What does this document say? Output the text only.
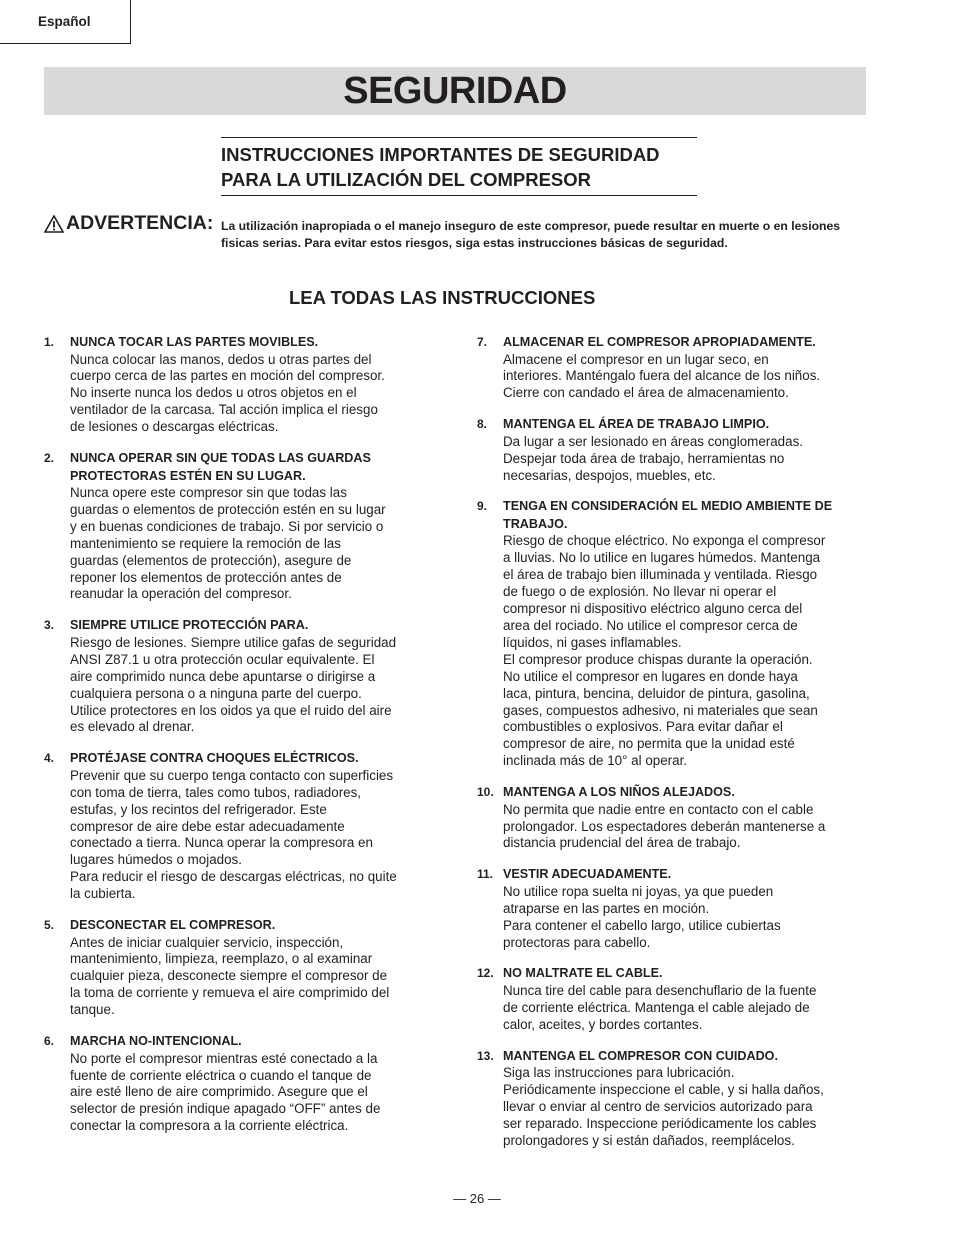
Español
SEGURIDAD
INSTRUCCIONES IMPORTANTES DE SEGURIDAD
PARA LA UTILIZACIÓN DEL COMPRESOR
ADVERTENCIA: La utilización inapropiada o el manejo inseguro de este compresor, puede resultar en muerte o en lesiones fisicas serias. Para evitar estos riesgos, siga estas instrucciones básicas de seguridad.
LEA TODAS LAS INSTRUCCIONES
1. NUNCA TOCAR LAS PARTES MOVIBLES.
Nunca colocar las manos, dedos u otras partes del
cuerpo cerca de las partes en moción del compresor.
No inserte nunca los dedos u otros objetos en el
ventilador de la carcasa. Tal acción implica el riesgo
de lesiones o descargas eléctricas.
2. NUNCA OPERAR SIN QUE TODAS LAS GUARDAS PROTECTORAS ESTÉN EN SU LUGAR.
Nunca opere este compresor sin que todas las
guardas o elementos de protección estén en su lugar
y en buenas condiciones de trabajo. Si por servicio o
mantenimiento se requiere la remoción de las
guardas (elementos de protección), asegure de
reponer los elementos de protección antes de
reanudar la operación del compresor.
3. SIEMPRE UTILICE PROTECCIÓN PARA.
Riesgo de lesiones. Siempre utilice gafas de seguridad
ANSI Z87.1 u otra protección ocular equivalente. El
aire comprimido nunca debe apuntarse o dirigirse a
cualquiera persona o a ninguna parte del cuerpo.
Utilice protectores en los oidos ya que el ruido del aire
es elevado al drenar.
4. PROTÉJASE CONTRA CHOQUES ELÉCTRICOS.
Prevenir que su cuerpo tenga contacto con superficies
con toma de tierra, tales como tubos, radiadores,
estufas, y los recintos del refrigerador. Este
compresor de aire debe estar adecuadamente
conectado a tierra. Nunca operar la compresora en
lugares húmedos o mojados.
Para reducir el riesgo de descargas eléctricas, no quite
la cubierta.
5. DESCONECTAR EL COMPRESOR.
Antes de iniciar cualquier servicio, inspección,
mantenimiento, limpieza, reemplazo, o al examinar
cualquier pieza, desconecte siempre el compresor de
la toma de corriente y remueva el aire comprimido del
tanque.
6. MARCHA NO-INTENCIONAL.
No porte el compresor mientras esté conectado a la
fuente de corriente eléctrica o cuando el tanque de
aire esté lleno de aire comprimido. Asegure que el
selector de presión indique apagado “OFF” antes de
conectar la compresora a la corriente eléctrica.
7. ALMACENAR EL COMPRESOR APROPIADAMENTE.
Almacene el compresor en un lugar seco, en
interiores. Manténgalo fuera del alcance de los niños.
Cierre con candado el área de almacenamiento.
8. MANTENGA EL ÁREA DE TRABAJO LIMPIO.
Da lugar a ser lesionado en áreas conglomeradas.
Despejar toda área de trabajo, herramientas no
necesarias, despojos, muebles, etc.
9. TENGA EN CONSIDERACIÓN EL MEDIO AMBIENTE DE TRABAJO.
Riesgo de choque eléctrico. No exponga el compresor
a lluvias. No lo utilice en lugares húmedos. Mantenga
el área de trabajo bien illuminada y ventilada. Riesgo
de fuego o de explosión. No llevar ni operar el
compresor ni dispositivo eléctrico alguno cerca del
area del rociado. No utilice el compresor cerca de
líquidos, ni gases inflamables.
El compresor produce chispas durante la operación.
No utilice el compresor en lugares en donde haya
laca, pintura, bencina, deluidor de pintura, gasolina,
gases, compuestos adhesivo, ni materiales que sean
combustibles o explosivos. Para evitar dañar el
compresor de aire, no permita que la unidad esté
inclinada más de 10° al operar.
10. MANTENGA A LOS NIÑOS ALEJADOS.
No permita que nadie entre en contacto con el cable
prolongador. Los espectadores deberán mantenerse a
distancia prudencial del área de trabajo.
11. VESTIR ADECUADAMENTE.
No utilice ropa suelta ni joyas, ya que pueden
atraparse en las partes en moción.
Para contener el cabello largo, utilice cubiertas
protectoras para cabello.
12. NO MALTRATE EL CABLE.
Nunca tire del cable para desenchuflario de la fuente
de corriente eléctrica. Mantenga el cable alejado de
calor, aceites, y bordes cortantes.
13. MANTENGA EL COMPRESOR CON CUIDADO.
Siga las instrucciones para lubricación.
Periódicamente inspeccione el cable, y si halla daños,
llevar o enviar al centro de servicios autorizado para
ser reparado. Inspeccione periódicamente los cables
prolongadores y si están dañados, reemplácelos.
— 26 —
